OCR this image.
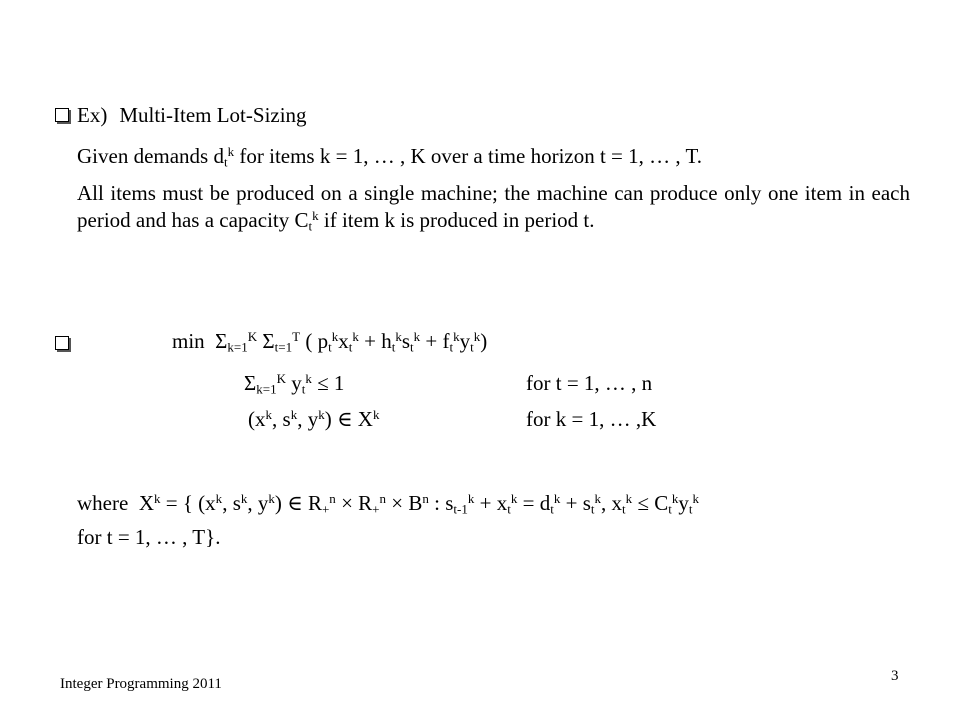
Ex) Multi-Item Lot-Sizing
Given demands $d_t^k$ for items k = 1, … , K over a time horizon t = 1, … , T.
All items must be produced on a single machine; the machine can produce only one item in each period and has a capacity $C_t^k$ if item k is produced in period t.
$\min \Sigma_{k=1}^K$ $\Sigma_{t=1}^T$ ( $p_t^kx_t^k + h_t^ks_t^k + f_t^ky_t^k$)
$\Sigma_{k=1}^K$ $y_t^k \le 1$	for t = 1, … , n
($x^k$, $s^k$, $y^k$) ∈ $X^k$	for k = 1, … ,K
where $X^k$ = { ($x^k$, $s^k$, $y^k$) ∈ $R_+^n \times R_+^n \times B^n$ : $s_{t-1}^k + x_t^k = d_t^k + s_t^k$, $x_t^k \le C_t^ky_t^k$
for t = 1, … , T}.
Integer Programming 2011	3
